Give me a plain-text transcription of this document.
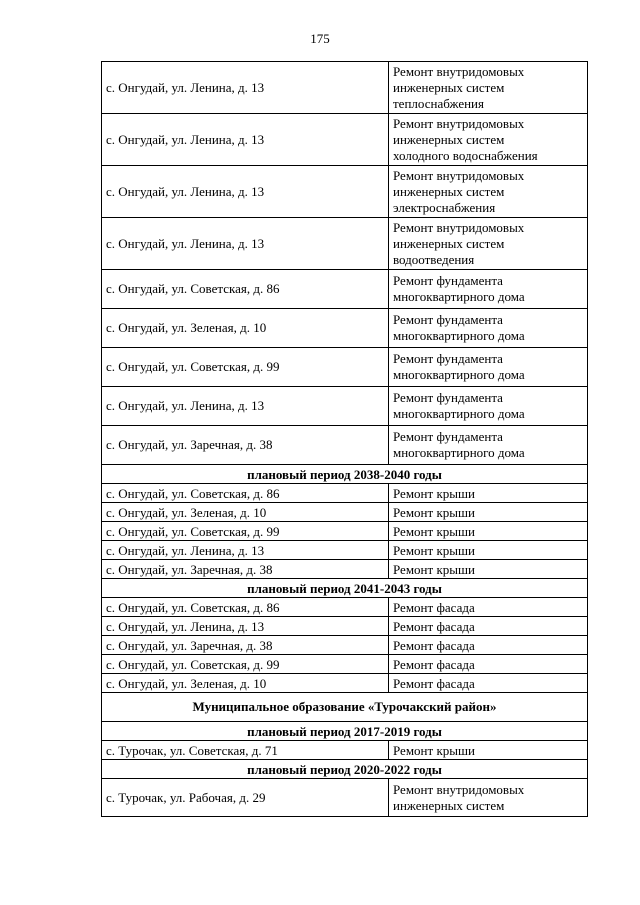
175
с. Онгудай, ул. Ленина, д. 13	Ремонт внутридомовых
инженерных систем
теплоснабжения
с. Онгудай, ул. Ленина, д. 13	Ремонт внутридомовых
инженерных систем
холодного водоснабжения
с. Онгудай, ул. Ленина, д. 13	Ремонт внутридомовых
инженерных систем
электроснабжения
с. Онгудай, ул. Ленина, д. 13	Ремонт внутридомовых
инженерных систем
водоотведения
с. Онгудай, ул. Советская, д. 86	Ремонт фундамента
многоквартирного дома
с. Онгудай, ул. Зеленая, д. 10	Ремонт фундамента
многоквартирного дома
с. Онгудай, ул. Советская, д. 99	Ремонт фундамента
многоквартирного дома
с. Онгудай, ул. Ленина, д. 13	Ремонт фундамента
многоквартирного дома
с. Онгудай, ул. Заречная, д. 38	Ремонт фундамента
многоквартирного дома
плановый период 2038-2040 годы	
с. Онгудай, ул. Советская, д. 86	Ремонт крыши
с. Онгудай, ул. Зеленая, д. 10	Ремонт крыши
с. Онгудай, ул. Советская, д. 99	Ремонт крыши
с. Онгудай, ул. Ленина, д. 13	Ремонт крыши
с. Онгудай, ул. Заречная, д. 38	Ремонт крыши
плановый период 2041-2043 годы	
с. Онгудай, ул. Советская, д. 86	Ремонт фасада
с. Онгудай, ул. Ленина, д. 13	Ремонт фасада
с. Онгудай, ул. Заречная, д. 38	Ремонт фасада
с. Онгудай, ул. Советская, д. 99	Ремонт фасада
с. Онгудай, ул. Зеленая, д. 10	Ремонт фасада
Муниципальное образование «Турочакский район»	
плановый период 2017-2019 годы	
с. Турочак, ул. Советская, д. 71	Ремонт крыши
плановый период 2020-2022 годы	
с. Турочак, ул. Рабочая, д. 29	Ремонт внутридомовых
инженерных систем
